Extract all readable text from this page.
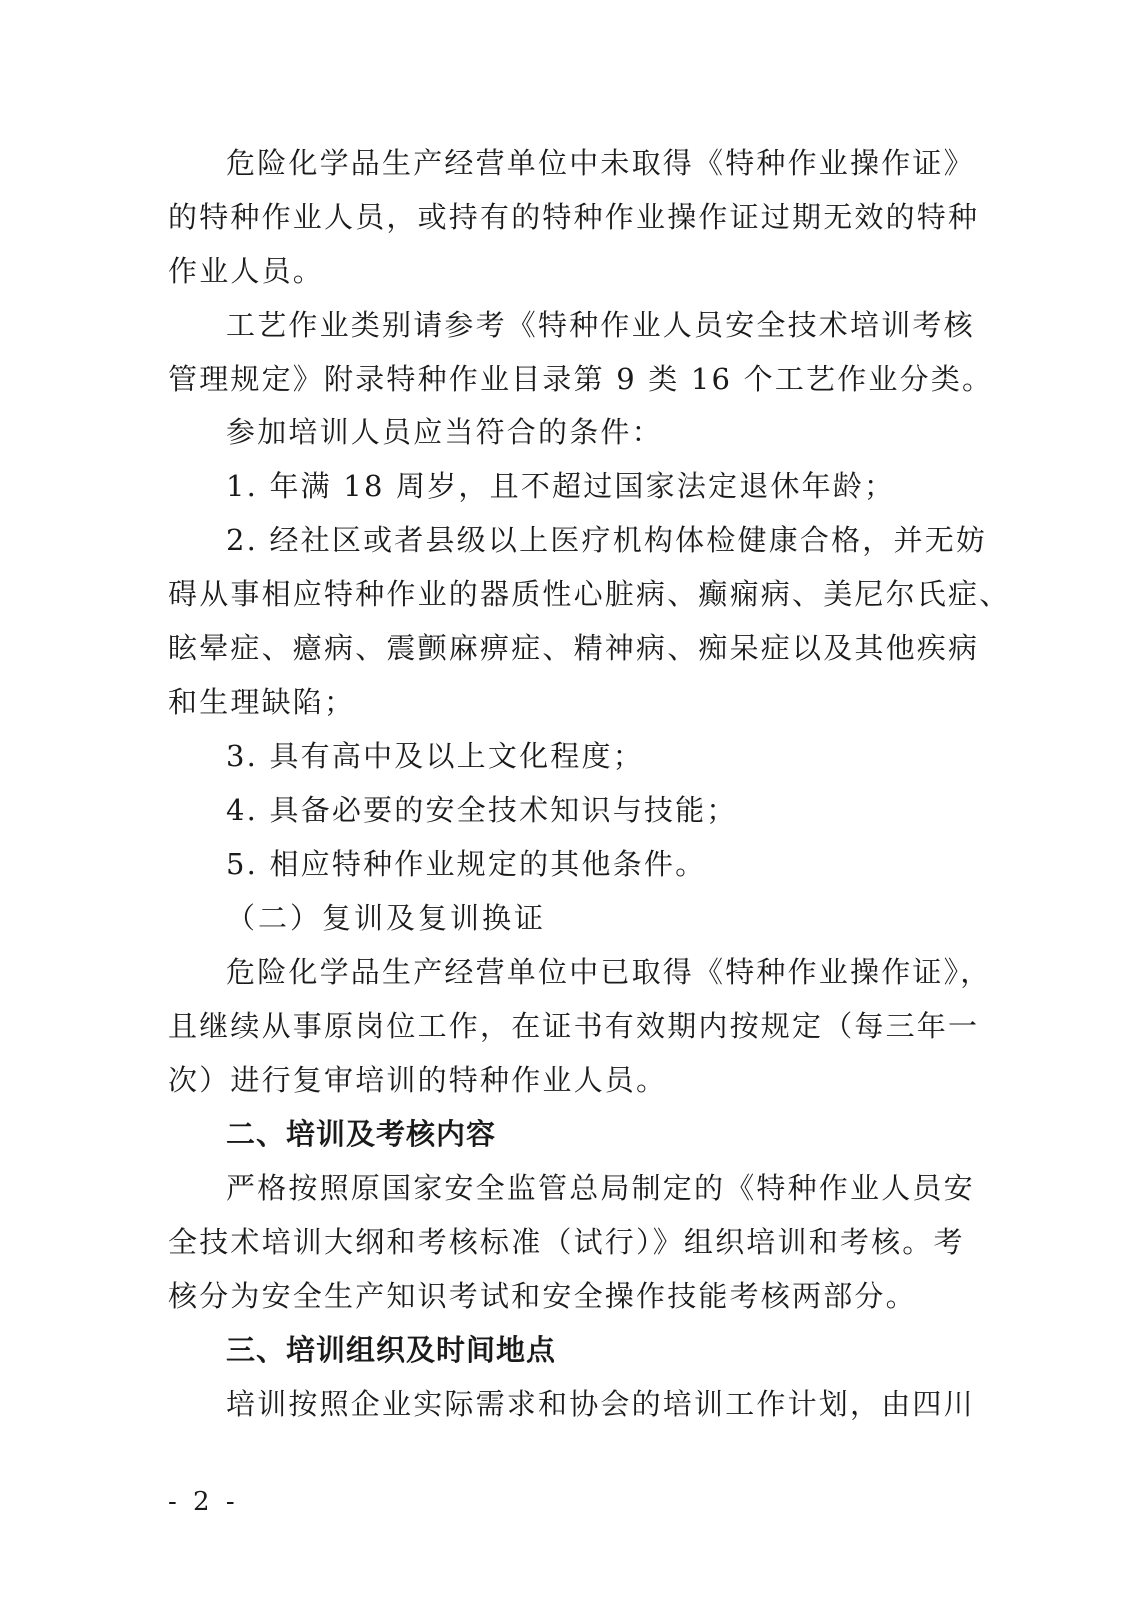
危险化学品生产经营单位中未取得《特种作业操作证》
的特种作业人员，或持有的特种作业操作证过期无效的特种
作业人员。
工艺作业类别请参考《特种作业人员安全技术培训考核
管理规定》附录特种作业目录第 9 类 16 个工艺作业分类。
参加培训人员应当符合的条件：
1. 年满 18 周岁，且不超过国家法定退休年龄；
2. 经社区或者县级以上医疗机构体检健康合格，并无妨
碍从事相应特种作业的器质性心脏病、癫痫病、美尼尔氏症、
眩晕症、癔病、震颤麻痹症、精神病、痴呆症以及其他疾病
和生理缺陷；
3. 具有高中及以上文化程度；
4. 具备必要的安全技术知识与技能；
5. 相应特种作业规定的其他条件。
（二）复训及复训换证
危险化学品生产经营单位中已取得《特种作业操作证》，
且继续从事原岗位工作，在证书有效期内按规定（每三年一
次）进行复审培训的特种作业人员。
二、培训及考核内容
严格按照原国家安全监管总局制定的《特种作业人员安
全技术培训大纲和考核标准（试行）》组织培训和考核。考
核分为安全生产知识考试和安全操作技能考核两部分。
三、培训组织及时间地点
培训按照企业实际需求和协会的培训工作计划，由四川
- 2 -
